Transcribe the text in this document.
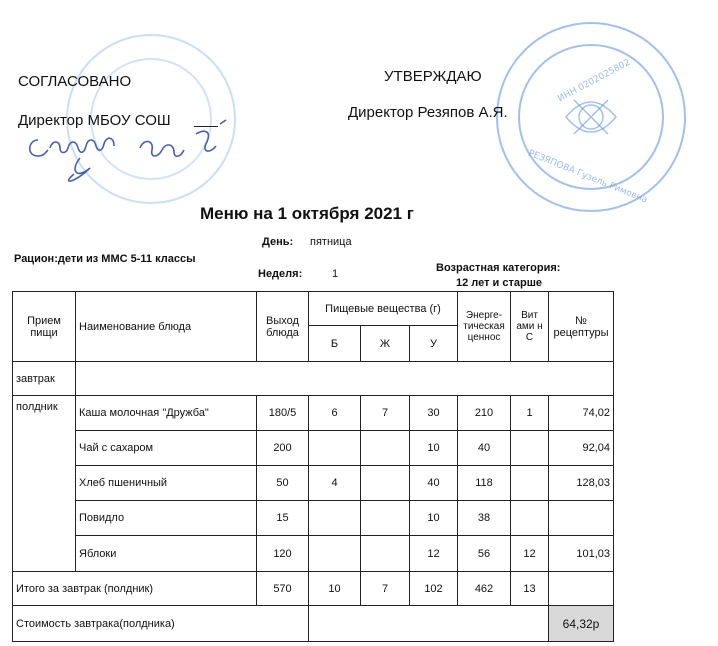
ИНН 0202025802
РЕЗЯПОВА Гузель Римовна
СОГЛАСОВАНО	УТВЕРЖДАЮ
Директор МБОУ СОШ	Директор Резяпов А.Я.
Меню на 1 октября 2021 г
День: пятница
Рацион:дети из ММС 5-11 классы
Неделя:	1	Возрастная категория:
12 лет и старше
Прием пищи	Наименование блюда	Выход блюда	Пищевые вещества (г)			Энерге-тическая ценнос	Вит ами н С	№ рецептуры
			Б	Ж	У			
завтрак								
полдник	Каша молочная "Дружба"	180/5	6	7	30	210	1	74,02
	Чай с сахаром	200			10	40		92,04
	Хлеб пшеничный	50	4		40	118		128,03
	Повидло	15			10	38		
	Яблоки	120			12	56	12	101,03
Итого за завтрак (полдник)		570	10	7	102	462	13	
Стоимость завтрака(полдника)								64,32р
